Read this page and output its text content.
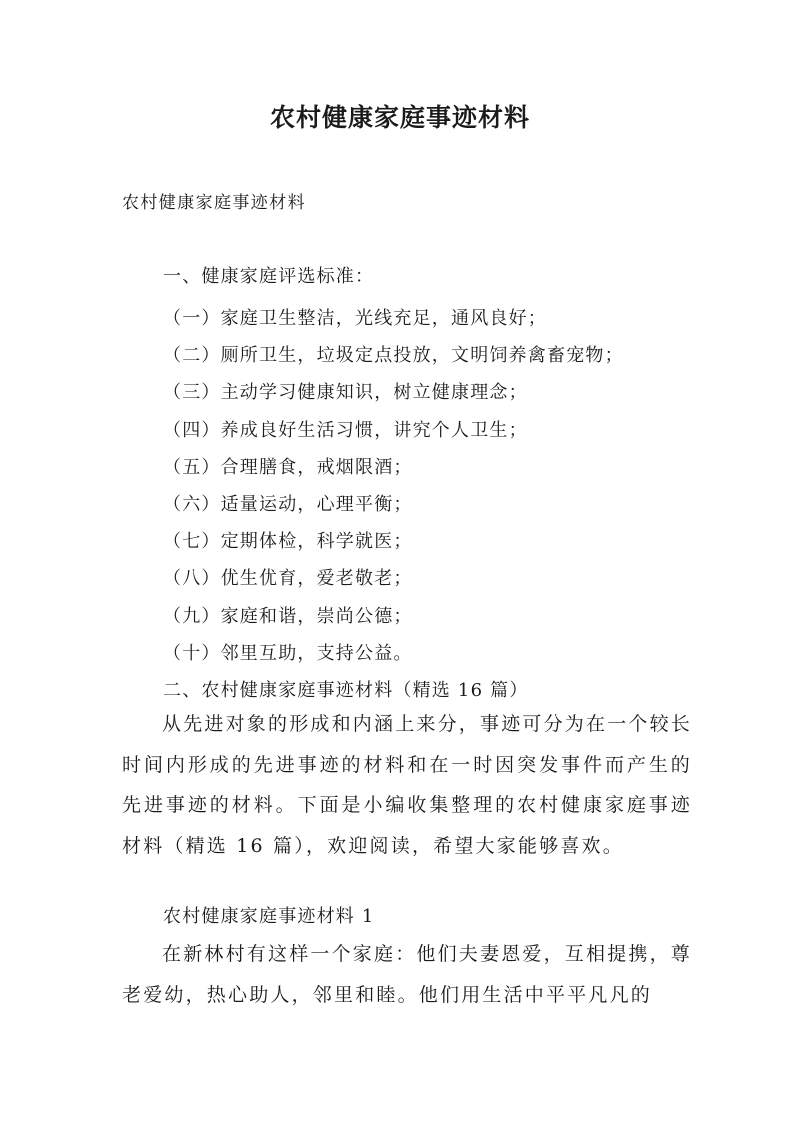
农村健康家庭事迹材料

农村健康家庭事迹材料

一、健康家庭评选标准：

（一）家庭卫生整洁，光线充足，通风良好；
（二）厕所卫生，垃圾定点投放，文明饲养禽畜宠物；
（三）主动学习健康知识，树立健康理念；
（四）养成良好生活习惯，讲究个人卫生；
（五）合理膳食，戒烟限酒；
（六）适量运动，心理平衡；
（七）定期体检，科学就医；
（八）优生优育，爱老敬老；
（九）家庭和谐，崇尚公德；
（十）邻里互助，支持公益。

二、农村健康家庭事迹材料（精选 16 篇）

从先进对象的形成和内涵上来分，事迹可分为在一个较长时间内形成的先进事迹的材料和在一时因突发事件而产生的先进事迹的材料。下面是小编收集整理的农村健康家庭事迹材料（精选 16 篇），欢迎阅读，希望大家能够喜欢。

农村健康家庭事迹材料 1

在新林村有这样一个家庭：他们夫妻恩爱，互相提携，尊老爱幼，热心助人，邻里和睦。他们用生活中平平凡凡的
